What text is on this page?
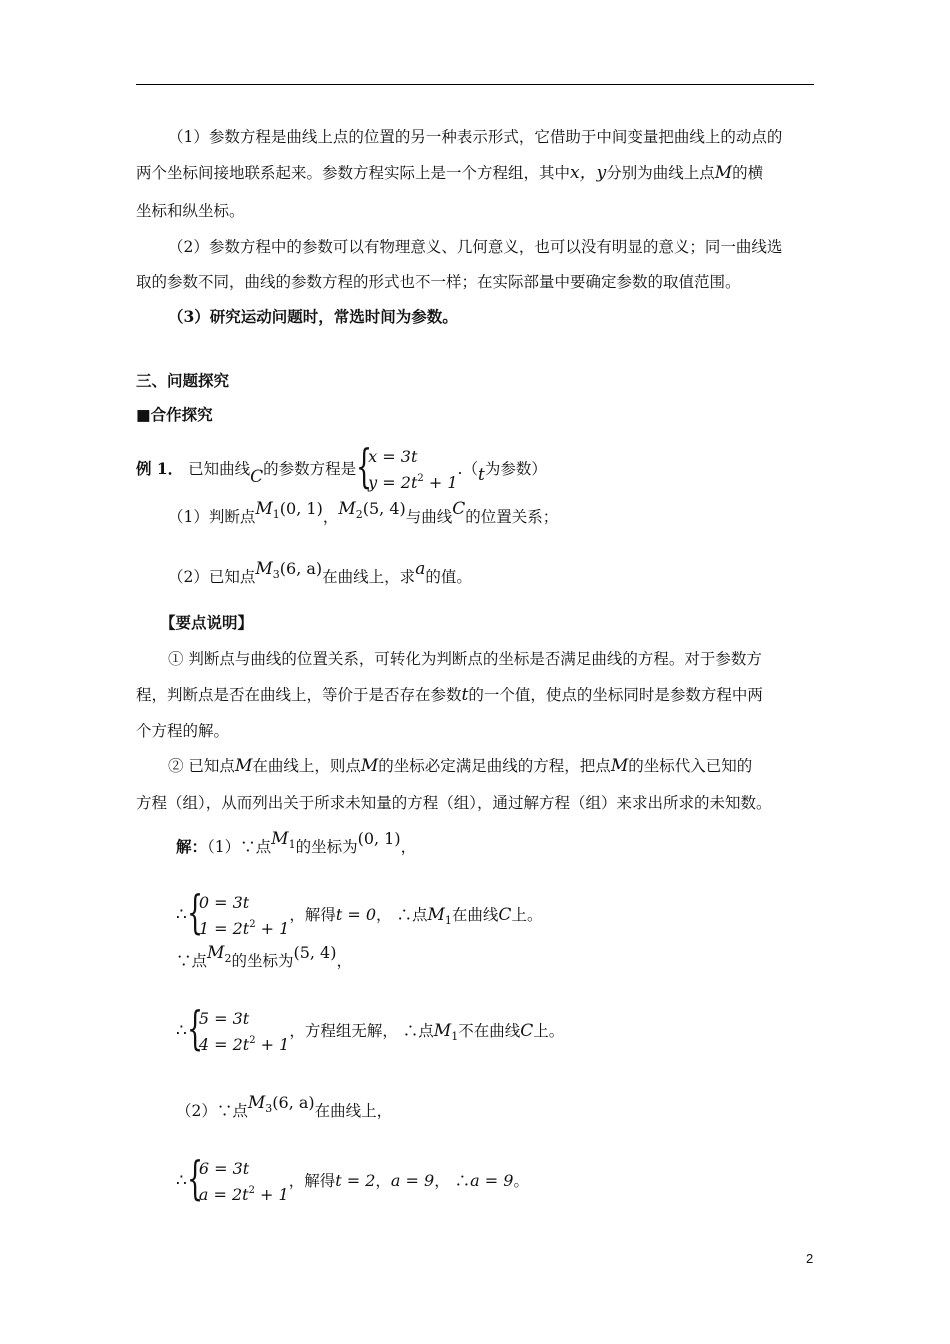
（1）参数方程是曲线上点的位置的另一种表示形式，它借助于中间变量把曲线上的动点的
两个坐标间接地联系起来。参数方程实际上是一个方程组，其中x，y分别为曲线上点M的横
坐标和纵坐标。
（2）参数方程中的参数可以有物理意义、几何意义，也可以没有明显的意义；同一曲线选
取的参数不同，曲线的参数方程的形式也不一样；在实际部量中要确定参数的取值范围。
（3）研究运动问题时，常选时间为参数。
三、问题探究
■合作探究
例 1． 已知曲线C的参数方程是 {
x = 3t
$y = 2t^2 + 1$
.（t为参数）
（1）判断点$M_1(0$, 1)，$M_2(5$, 4)与曲线C的位置关系；
（2）已知点$M_3(6$, a)在曲线上，求a的值。
【要点说明】
① 判断点与曲线的位置关系，可转化为判断点的坐标是否满足曲线的方程。对于参数方
程，判断点是否在曲线上，等价于是否存在参数t的一个值，使点的坐标同时是参数方程中两
个方程的解。
② 已知点M在曲线上，则点M的坐标必定满足曲线的方程，把点M的坐标代入已知的
方程（组），从而列出关于所求未知量的方程（组），通过解方程（组）来求出所求的未知数。
解：（1）∵点$M_1$的坐标为(0, 1)，
∴ {
0 = 3t
$1 = 2t^2 + 1$
，解得t = 0， ∴点$M_1$在曲线C上。
∵点$M_2$的坐标为(5, 4)，
∴ {
5 = 3t
$4 = 2t^2 + 1$
，方程组无解， ∴点$M_1$不在曲线C上。
（2）∵点$M_3(6$, a)在曲线上，
∴ {
6 = 3t
$a = 2t^2 + 1$
，解得t = 2，a = 9， ∴a = 9。
2
